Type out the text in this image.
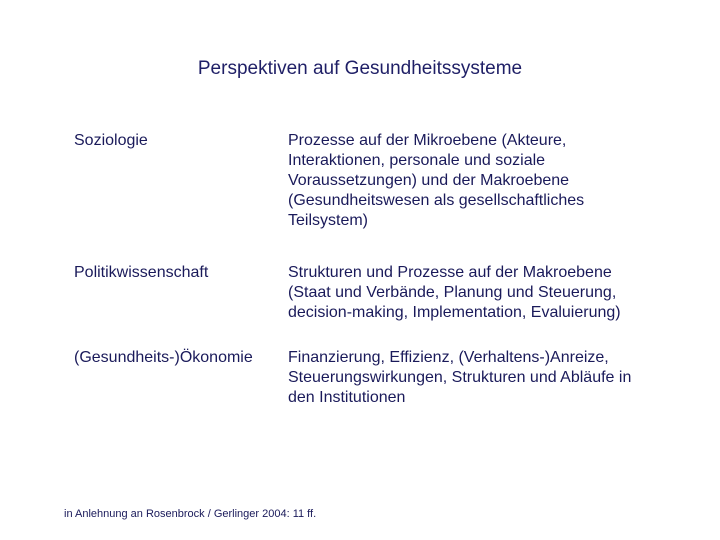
Perspektiven auf Gesundheitssysteme
Soziologie	Prozesse auf der Mikroebene (Akteure,
Interaktionen, personale und soziale
Voraussetzungen) und der Makroebene
(Gesundheitswesen als gesellschaftliches
Teilsystem)
Politikwissenschaft	Strukturen und Prozesse auf der Makroebene
(Staat und Verbände, Planung und Steuerung,
decision-making, Implementation, Evaluierung)
(Gesundheits-)Ökonomie Finanzierung, Effizienz, (Verhaltens-)Anreize,
Steuerungswirkungen, Strukturen und Abläufe in
den Institutionen
in Anlehnung an Rosenbrock / Gerlinger 2004: 11 ff.
